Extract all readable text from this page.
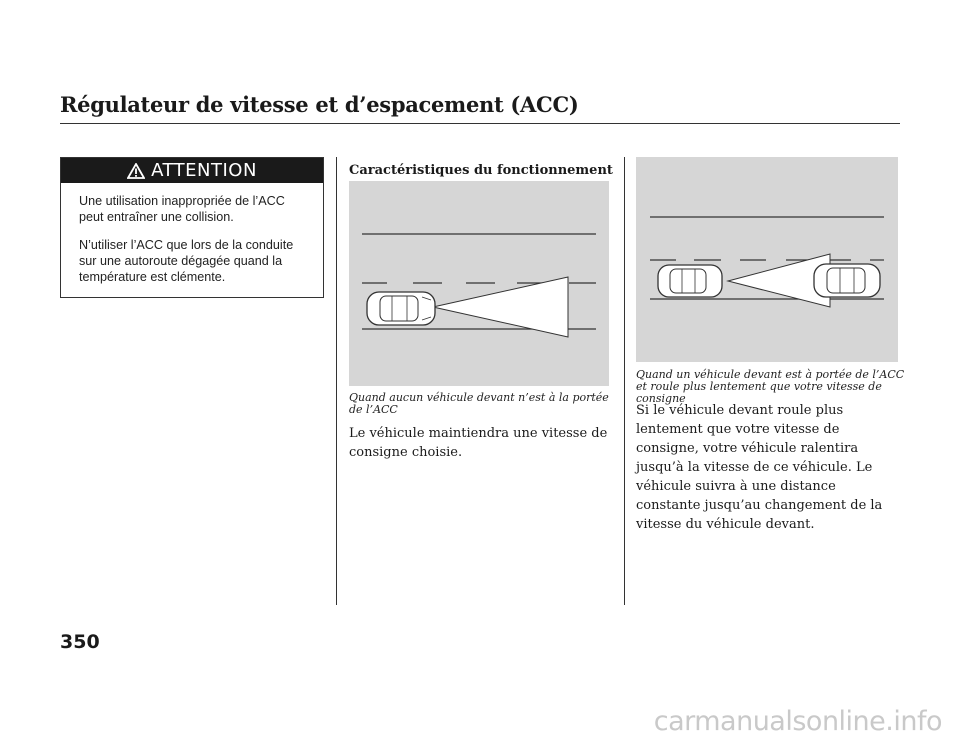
Régulateur de vitesse et d’espacement (ACC)
ATTENTION

Une utilisation inappropriée de l’ACC peut entraîner une collision.

N’utiliser l’ACC que lors de la conduite sur une autoroute dégagée quand la température est clémente.

Caractéristiques du fonctionnement
Quand aucun véhicule devant n’est à la portée de l’ACC
Le véhicule maintiendra une vitesse de consigne choisie.
Quand un véhicule devant est à portée de l’ACC et roule plus lentement que votre vitesse de consigne
Si le véhicule devant roule plus lentement que votre vitesse de consigne, votre véhicule ralentira jusqu’à la vitesse de ce véhicule. Le véhicule suivra à une distance constante jusqu’au changement de la vitesse du véhicule devant.
350
carmanualsonline.info
